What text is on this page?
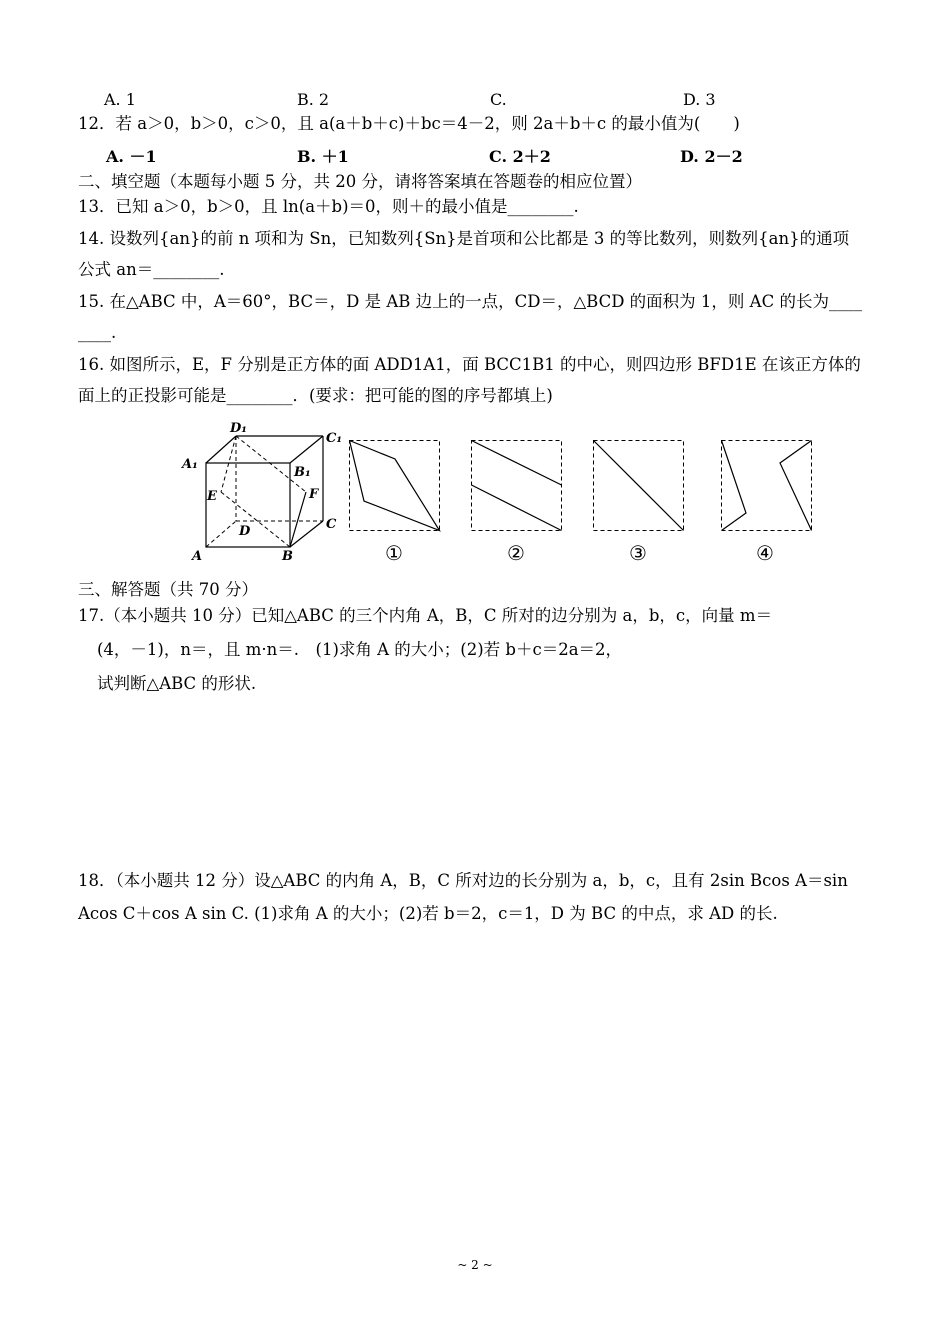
A. 1	B. 2	C.	D. 3
12．若 a＞0，b＞0，c＞0，且 a(a＋b＋c)＋bc＝4－2，则 2a＋b＋c 的最小值为(　　)
A. －1	B. ＋1	C. 2＋2	D. 2－2
二、填空题（本题每小题 5 分，共 20 分，请将答案填在答题卷的相应位置）
13．已知 a＞0，b＞0，且 ln(a＋b)＝0，则＋的最小值是________.
14. 设数列{an}的前 n 项和为 Sn，已知数列{Sn}是首项和公比都是 3 的等比数列，则数列{an}的通项
公式 an＝________.
15. 在△ABC 中，A＝60°，BC＝，D 是 AB 边上的一点，CD＝，△BCD 的面积为 1，则 AC 的长为____
____.
16. 如图所示，E，F 分别是正方体的面 ADD1A1，面 BCC1B1 的中心，则四边形 BFD1E 在该正方体的
面上的正投影可能是________．(要求：把可能的图的序号都填上)
D₁
C₁
A₁
B₁
E	F
D	C
A	B	①	②	③	④
三、解答题（共 70 分）
17.（本小题共 10 分）已知△ABC 的三个内角 A，B，C 所对的边分别为 a，b，c，向量 m＝
(4，－1)，n＝，且 m·n＝.　(1)求角 A 的大小；(2)若 b＋c＝2a＝2，
试判断△ABC 的形状.
18．（本小题共 12 分）设△ABC 的内角 A，B，C 所对边的长分别为 a，b，c，且有 2sin Bcos A＝sin
Acos C＋cos A sin C. (1)求角 A 的大小；(2)若 b＝2，c＝1，D 为 BC 的中点，求 AD 的长.
~ 2 ~
